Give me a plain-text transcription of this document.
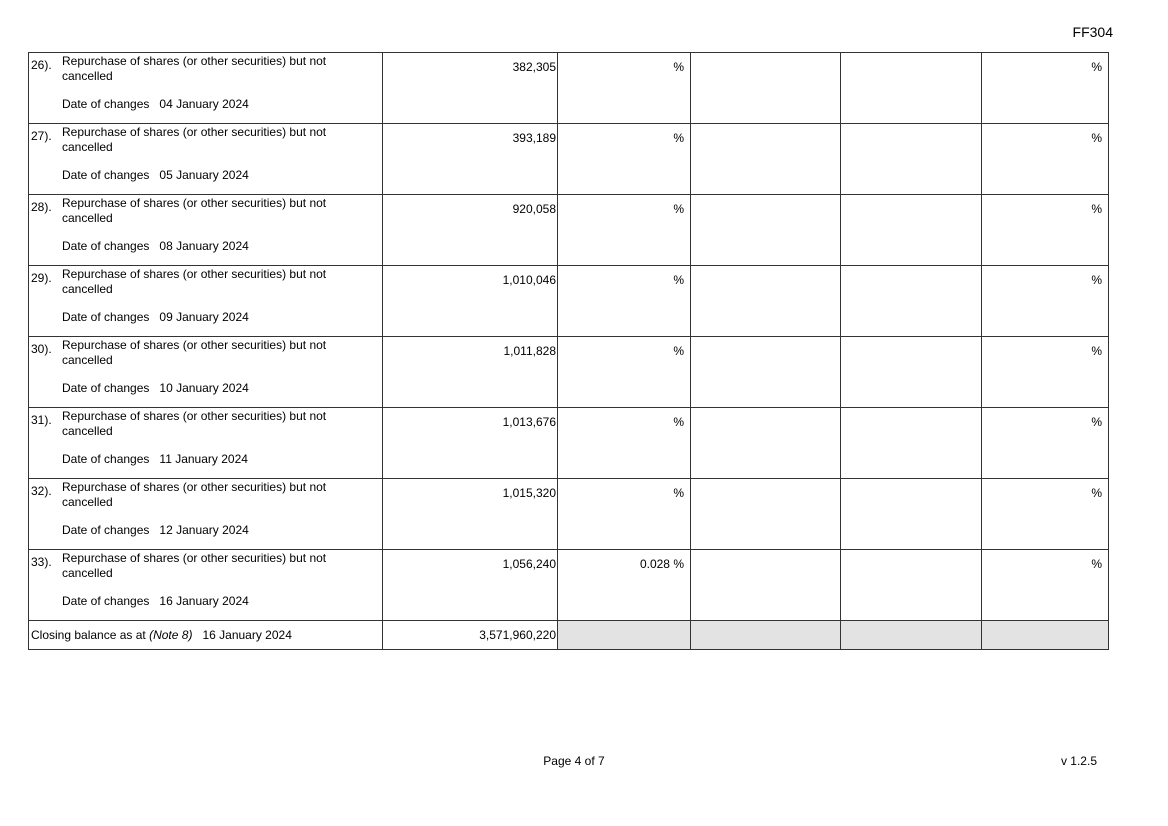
FF304
26). Repurchase of shares (or other securities) but not cancelled
Date of changes 04 January 2024	382,305	%			%

27). Repurchase of shares (or other securities) but not cancelled
Date of changes 05 January 2024	393,189	%			%

28). Repurchase of shares (or other securities) but not cancelled
Date of changes 08 January 2024	920,058	%			%

29). Repurchase of shares (or other securities) but not cancelled
Date of changes 09 January 2024	1,010,046	%			%

30). Repurchase of shares (or other securities) but not cancelled
Date of changes 10 January 2024	1,011,828	%			%

31). Repurchase of shares (or other securities) but not cancelled
Date of changes 11 January 2024	1,013,676	%			%

32). Repurchase of shares (or other securities) but not cancelled
Date of changes 12 January 2024	1,015,320	%			%

33). Repurchase of shares (or other securities) but not cancelled
Date of changes 16 January 2024	1,056,240	0.028 %			%
Closing balance as at (Note 8) 16 January 2024	3,571,960,220				
Page 4 of 7	v 1.2.5
